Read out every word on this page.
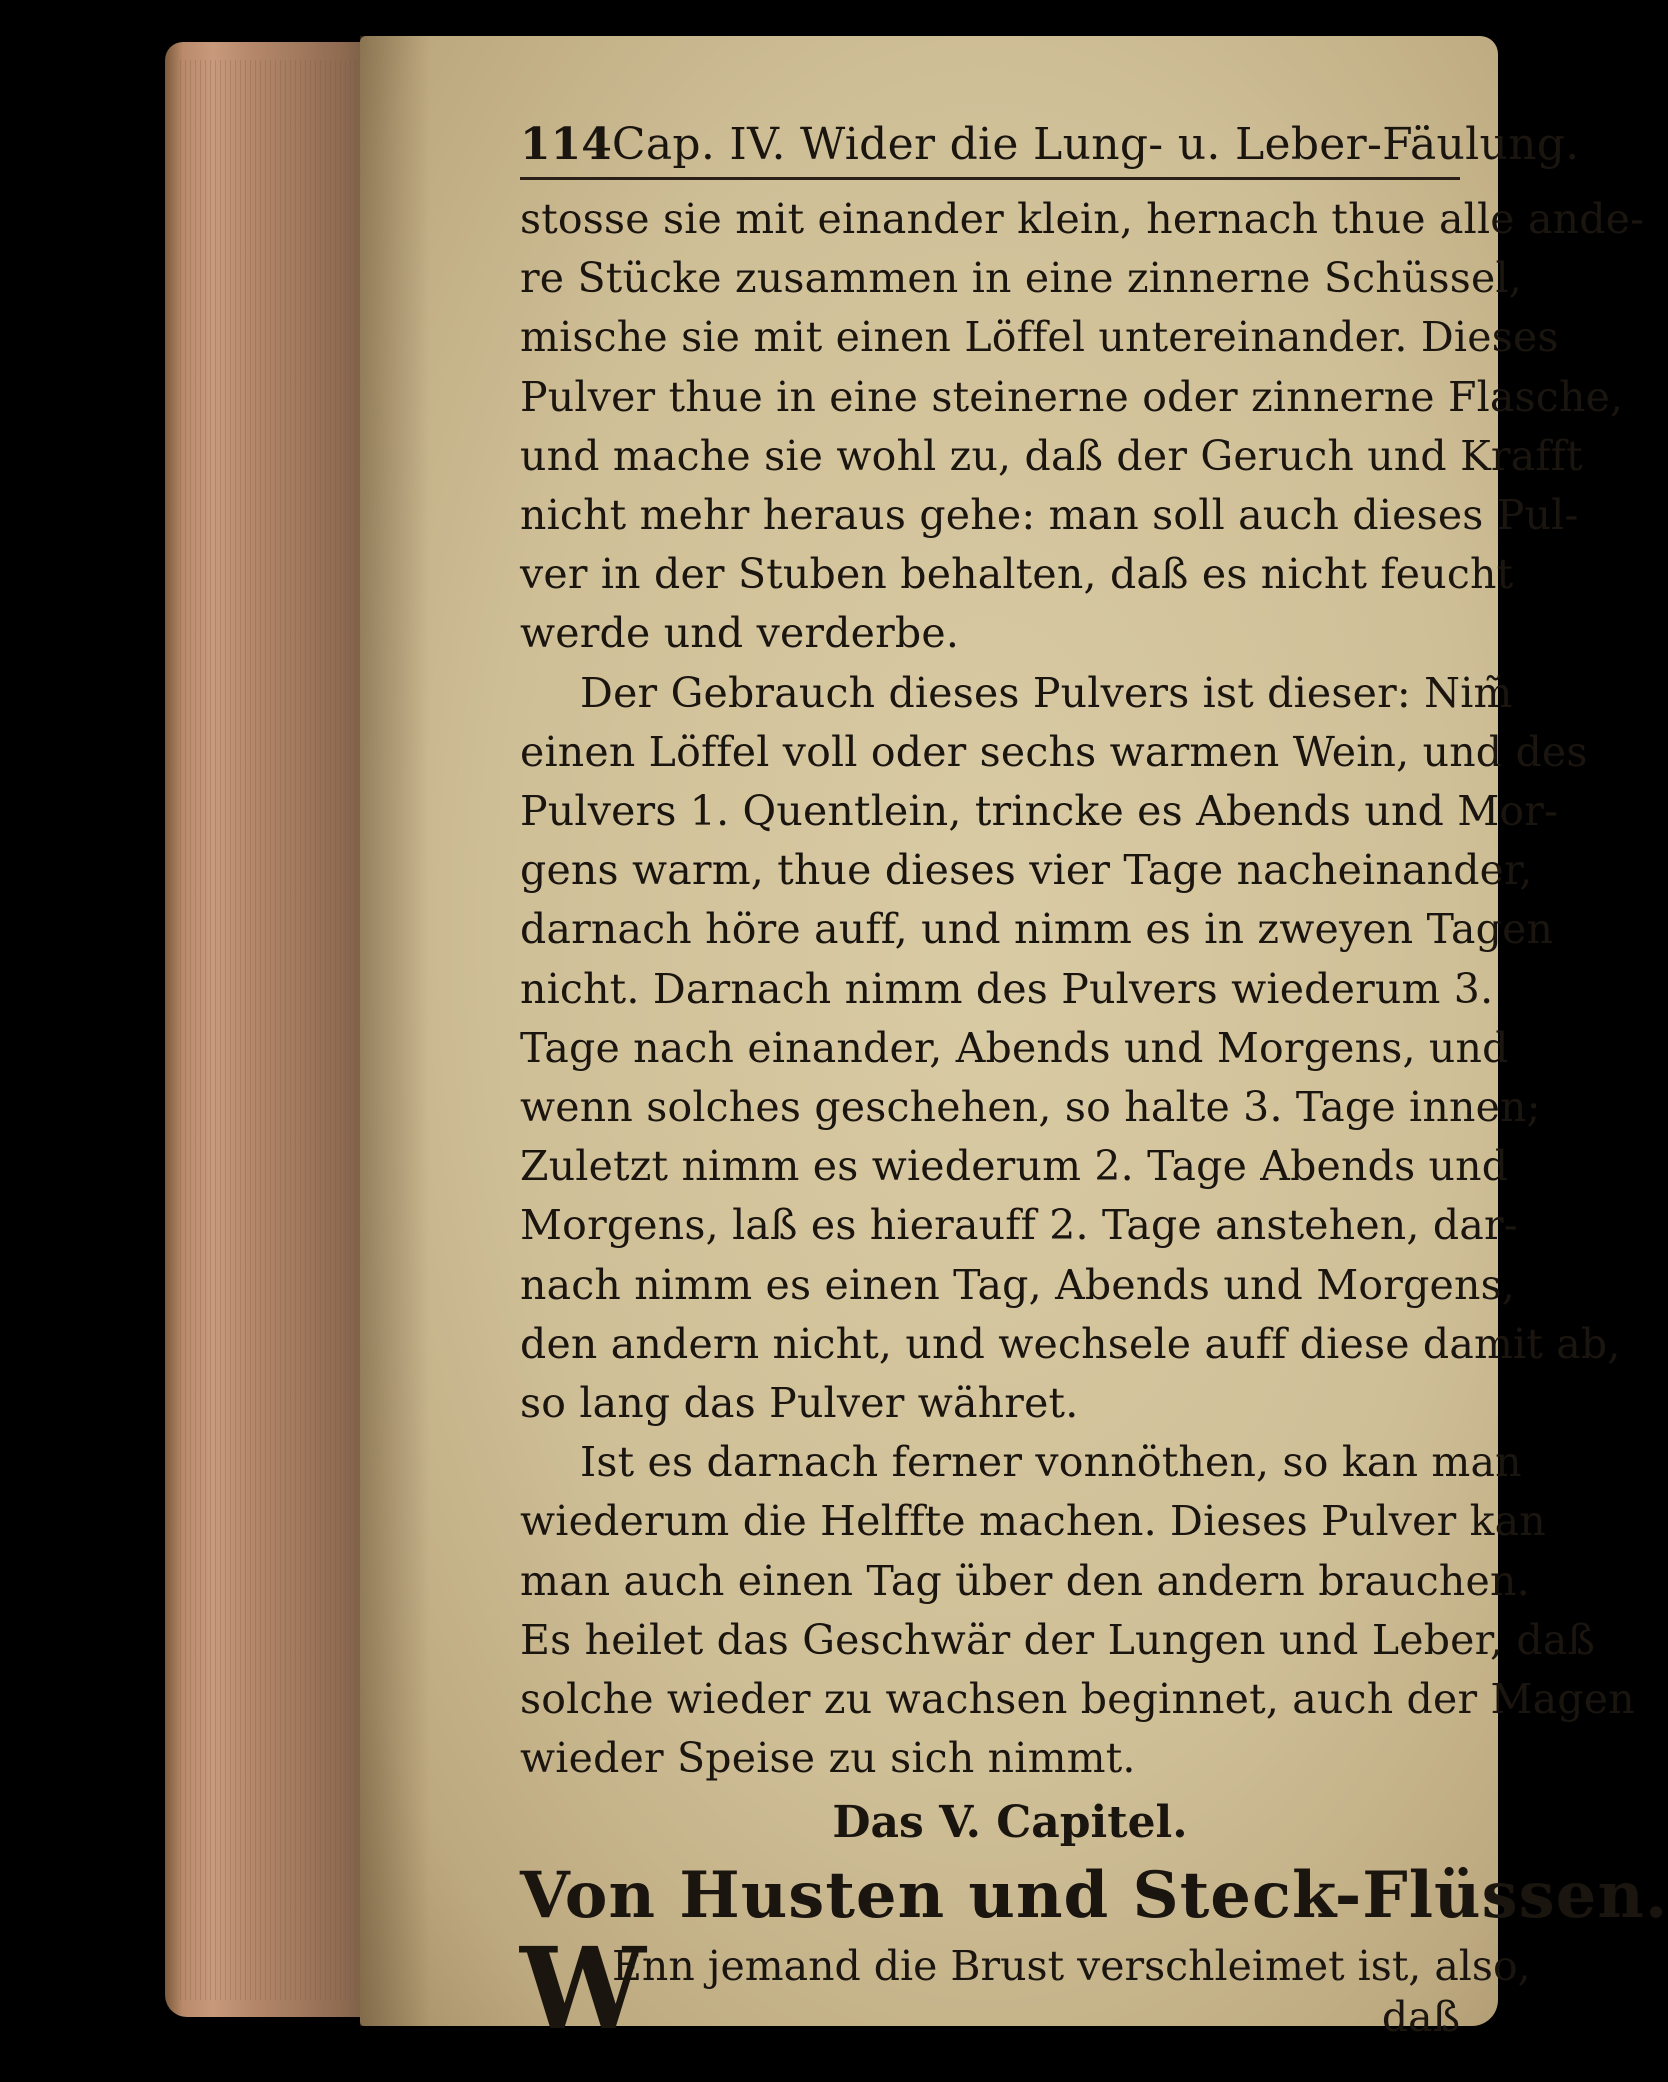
114 Cap. IV. Wider die Lung- u. Leber-Fäulung.
stosse sie mit einander klein, hernach thue alle ande-
re Stücke zusammen in eine zinnerne Schüssel,
mische sie mit einen Löffel untereinander. Dieses
Pulver thue in eine steinerne oder zinnerne Flasche,
und mache sie wohl zu, daß der Geruch und Krafft
nicht mehr heraus gehe: man soll auch dieses Pul-
ver in der Stuben behalten, daß es nicht feucht
werde und verderbe.
Der Gebrauch dieses Pulvers ist dieser: Nim̃
einen Löffel voll oder sechs warmen Wein, und des
Pulvers 1. Quentlein, trincke es Abends und Mor-
gens warm, thue dieses vier Tage nacheinander,
darnach höre auff, und nimm es in zweyen Tagen
nicht. Darnach nimm des Pulvers wiederum 3.
Tage nach einander, Abends und Morgens, und
wenn solches geschehen, so halte 3. Tage innen;
Zuletzt nimm es wiederum 2. Tage Abends und
Morgens, laß es hierauff 2. Tage anstehen, dar-
nach nimm es einen Tag, Abends und Morgens,
den andern nicht, und wechsele auff diese damit ab,
so lang das Pulver währet.
Ist es darnach ferner vonnöthen, so kan man
wiederum die Helffte machen. Dieses Pulver kan
man auch einen Tag über den andern brauchen.
Es heilet das Geschwär der Lungen und Leber, daß
solche wieder zu wachsen beginnet, auch der Magen
wieder Speise zu sich nimmt.
Das V. Capitel.
Von Husten und Steck-Flüssen.
W
Enn jemand die Brust verschleimet ist, also,
daß
